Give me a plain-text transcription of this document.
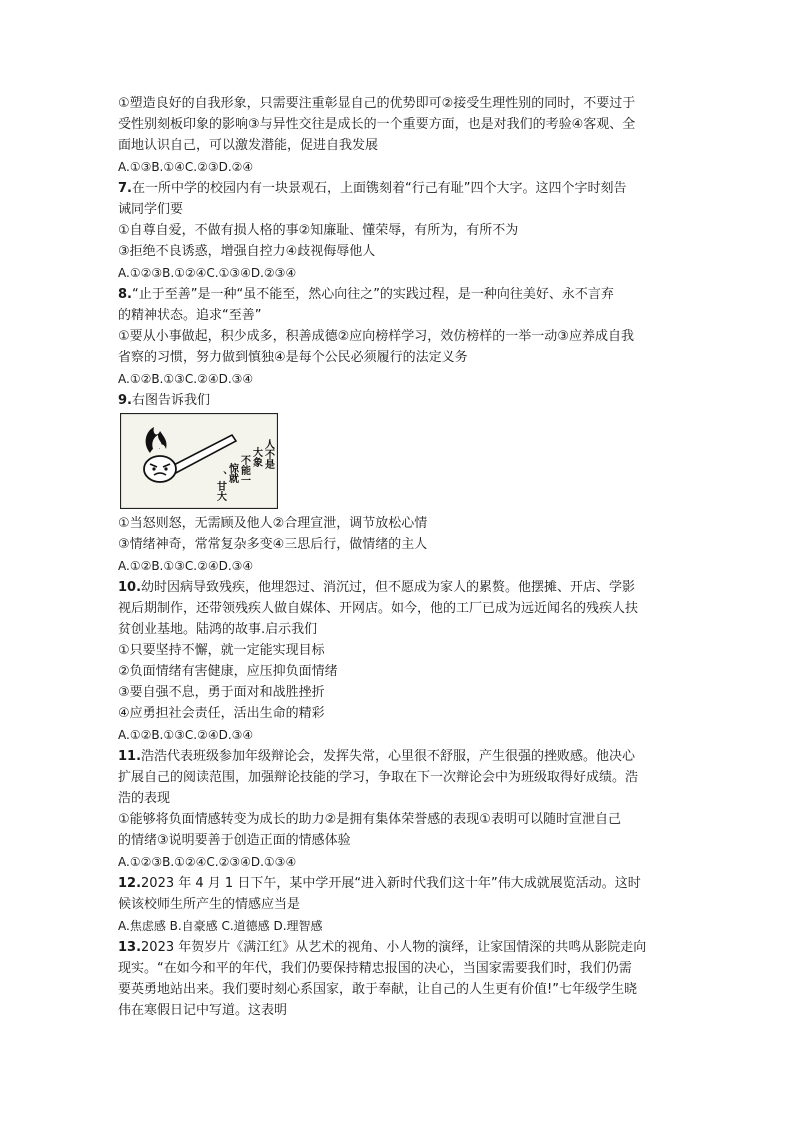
①塑造良好的自我形象，只需要注重彰显自己的优势即可②接受生理性别的同时，不要过于
受性别刻板印象的影响③与异性交往是成长的一个重要方面，也是对我们的考验④客观、全
面地认识自己，可以激发潜能，促进自我发展
A.①③B.①④C.②③D.②④
7.在一所中学的校园内有一块景观石，上面镌刻着“行己有耻”四个大字。这四个字时刻告
诫同学们要
①自尊自爱，不做有损人格的事②知廉耻、懂荣辱，有所为，有所不为
③拒绝不良诱惑，增强自控力④歧视侮辱他人
A.①②③B.①②④C.①③④D.②③④
8.“止于至善”是一种“虽不能至，然心向往之”的实践过程，是一种向往美好、永不言弃
的精神状态。追求“至善”
①要从小事做起，积少成多，积善成德②应向榜样学习，效仿榜样的一举一动③应养成自我
省察的习惯，努力做到慎独④是每个公民必须履行的法定义务
A.①②B.①③C.②④D.③④
9.右图告诉我们
人不是
大象
不能一
惊就
、甘大
①当怒则怒，无需顾及他人②合理宣泄，调节放松心情
③情绪神奇，常常复杂多变④三思后行，做情绪的主人
A.①②B.①③C.②④D.③④
10.幼时因病导致残疾，他埋怨过、消沉过，但不愿成为家人的累赘。他摆摊、开店、学影
视后期制作，还带领残疾人做自媒体、开网店。如今，他的工厂已成为远近闻名的残疾人扶
贫创业基地。陆鸿的故事.启示我们
①只要坚持不懈，就一定能实现目标
②负面情绪有害健康，应压抑负面情绪
③要自强不息，勇于面对和战胜挫折
④应勇担社会责任，活出生命的精彩
A.①②B.①③C.②④D.③④
11.浩浩代表班级参加年级辩论会，发挥失常，心里很不舒服，产生很强的挫败感。他决心
扩展自己的阅读范围，加强辩论技能的学习，争取在下一次辩论会中为班级取得好成绩。浩
浩的表现
①能够将负面情感转变为成长的助力②是拥有集体荣誉感的表现①表明可以随时宣泄自己
的情绪③说明要善于创造正面的情感体验
A.①②③B.①②④C.②③④D.①③④
12.2023 年 4 月 1 日下午，某中学开展“进入新时代我们这十年”伟大成就展览活动。这时
候该校师生所产生的情感应当是
A.焦虑感 B.自豪感 C.道德感 D.理智感
13.2023 年贺岁片《满江红》从艺术的视角、小人物的演绎，让家国情深的共鸣从影院走向
现实。“在如今和平的年代，我们仍要保持精忠报国的决心，当国家需要我们时，我们仍需
要英勇地站出来。我们要时刻心系国家，敢于奉献，让自己的人生更有价值!”七年级学生晓
伟在寒假日记中写道。这表明
